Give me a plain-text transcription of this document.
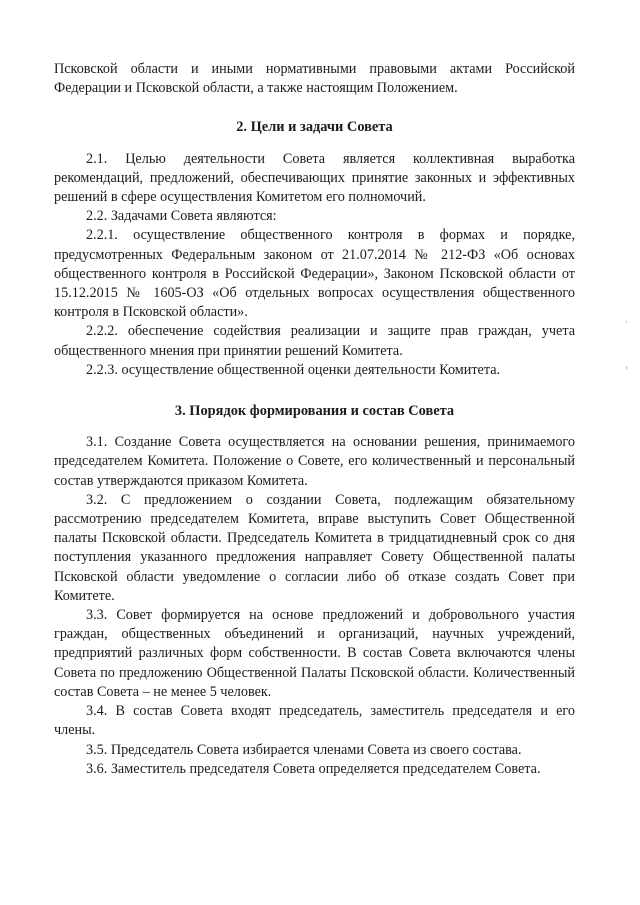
Псковской области и иными нормативными правовыми актами Российской Федерации и Псковской области, а также настоящим Положением.

2. Цели и задачи Совета

2.1. Целью деятельности Совета является коллективная выработка рекомендаций, предложений, обеспечивающих принятие законных и эффективных решений в сфере осуществления Комитетом его полномочий.

2.2. Задачами Совета являются:

2.2.1. осуществление общественного контроля в формах и порядке, предусмотренных Федеральным законом от 21.07.2014 № 212-ФЗ «Об основах общественного контроля в Российской Федерации», Законом Псковской области от 15.12.2015 № 1605-ОЗ «Об отдельных вопросах осуществления общественного контроля в Псковской области».

2.2.2. обеспечение содействия реализации и защите прав граждан, учета общественного мнения при принятии решений Комитета.

2.2.3. осуществление общественной оценки деятельности Комитета.

3. Порядок формирования и состав Совета

3.1. Создание Совета осуществляется на основании решения, принимаемого председателем Комитета. Положение о Совете, его количественный и персональный состав утверждаются приказом Комитета.

3.2. С предложением о создании Совета, подлежащим обязательному рассмотрению председателем Комитета, вправе выступить Совет Общественной палаты Псковской области. Председатель Комитета в тридцатидневный срок со дня поступления указанного предложения направляет Совету Общественной палаты Псковской области уведомление о согласии либо об отказе создать Совет при Комитете.

3.3. Совет формируется на основе предложений и добровольного участия граждан, общественных объединений и организаций, научных учреждений, предприятий различных форм собственности. В состав Совета включаются члены Совета по предложению Общественной Палаты Псковской области. Количественный состав Совета – не менее 5 человек.

3.4. В состав Совета входят председатель, заместитель председателя и его члены.

3.5. Председатель Совета избирается членами Совета из своего состава.

3.6. Заместитель председателя Совета определяется председателем Совета.

·
'
